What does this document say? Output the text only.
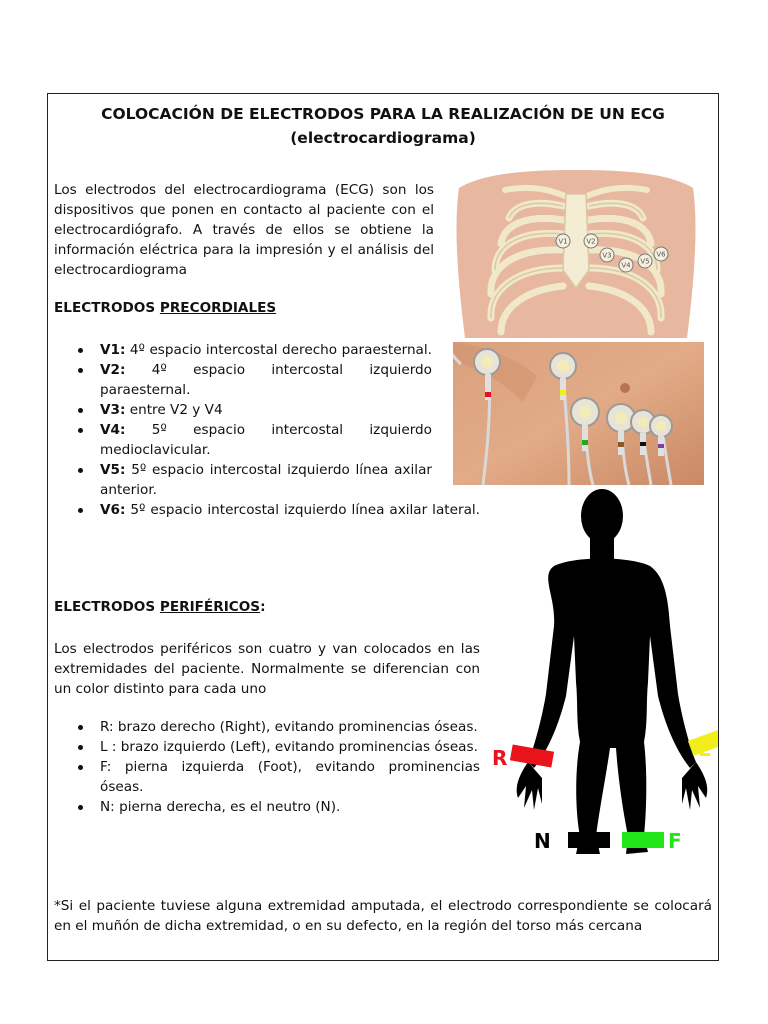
COLOCACIÓN DE ELECTRODOS PARA LA REALIZACIÓN DE UN ECG
(electrocardiograma)
Los electrodos del electrocardiograma (ECG) son los dispositivos que ponen en contacto al paciente con el electrocardiógrafo. A través de ellos se obtiene la información eléctrica para la impresión y el análisis del electrocardiograma
ELECTRODOS PRECORDIALES
V1: 4º espacio intercostal derecho paraesternal.
V2: 4º espacio intercostal izquierdo paraesternal.
V3: entre V2 y V4
V4: 5º espacio intercostal izquierdo medioclavicular.
V5: 5º espacio intercostal izquierdo línea axilar anterior.
V6: 5º espacio intercostal izquierdo línea axilar lateral.
ELECTRODOS PERIFÉRICOS:
Los electrodos periféricos son cuatro y van colocados en las extremidades del paciente. Normalmente se diferencian con un color distinto para cada uno
R: brazo derecho (Right), evitando prominencias óseas.
L : brazo izquierdo (Left), evitando prominencias óseas.
F: pierna izquierda (Foot), evitando prominencias óseas.
N: pierna derecha, es el neutro (N).
*Si el paciente tuviese alguna extremidad amputada, el electrodo correspondiente se colocará en el muñón de dicha extremidad, o en su defecto, en la región del torso más cercana
V1	V2
V3
V4 V5
V6
R	L
N	F
